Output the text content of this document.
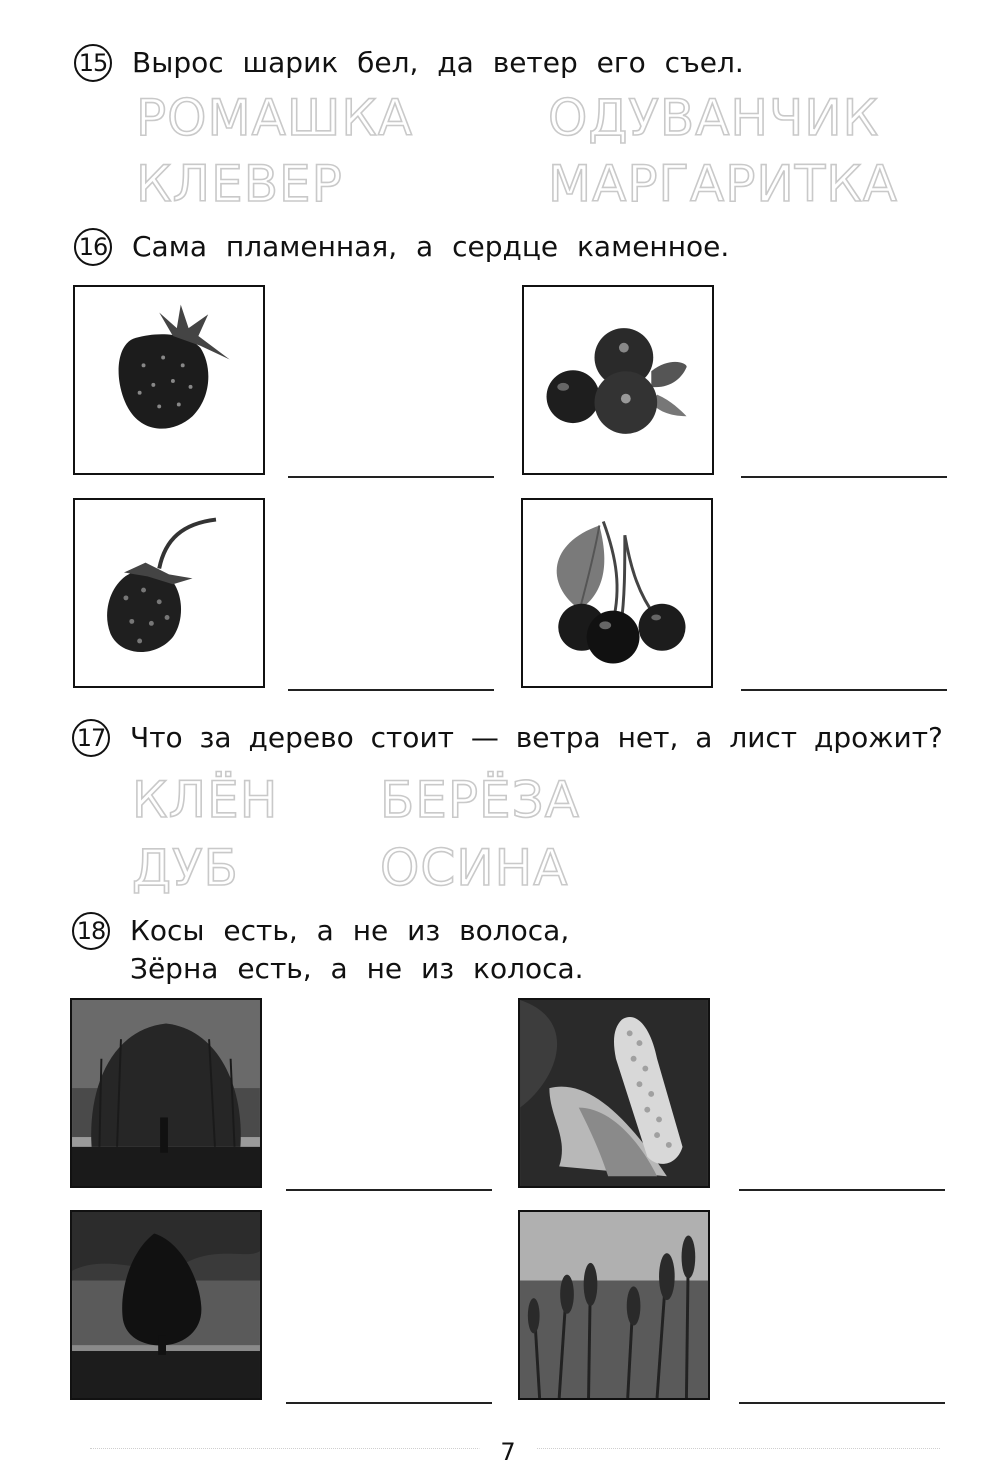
15 Вырос шарик бел, да ветер его съел.
РОМАШКА	ОДУВАНЧИК
КЛЕВЕР	МАРГАРИТКА
16 Сама пламенная, а сердце каменное.
17 Что за дерево стоит — ветра нет, а лист дрожит?
КЛЁН БЕРЁЗА
ДУБ	ОСИНА
18 Косы есть, а не из волоса,
Зёрна есть, а не из колоса.
7
